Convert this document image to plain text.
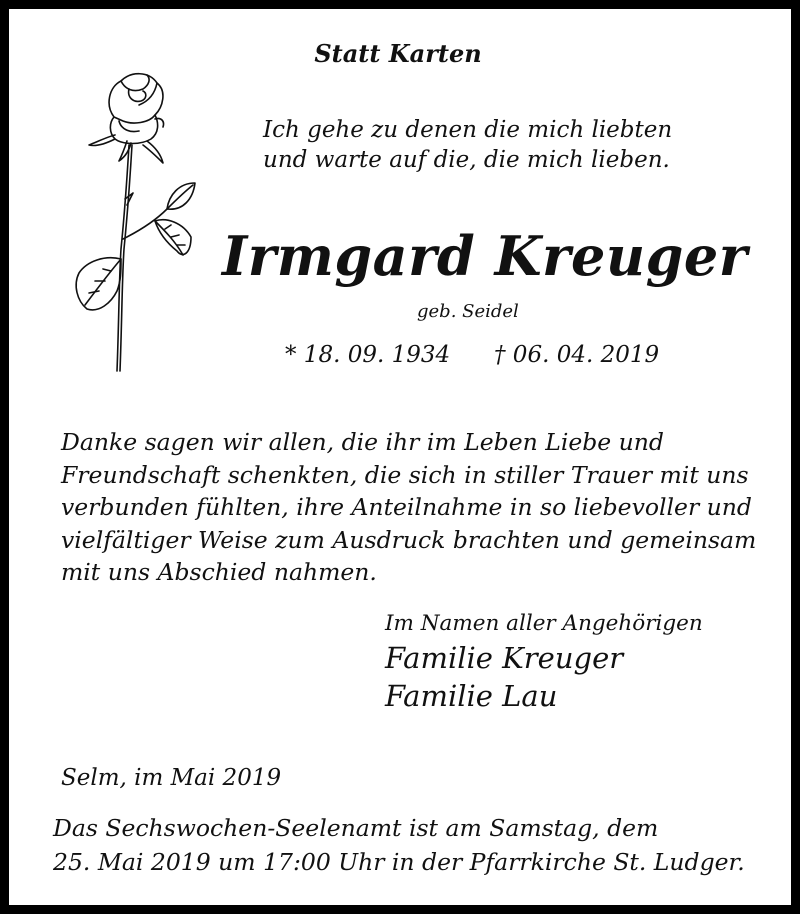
Statt Karten
Ich gehe zu denen die mich liebten
und warte auf die, die mich lieben.
Irmgard Kreuger
geb. Seidel
* 18. 09. 1934 † 06. 04. 2019
Danke sagen wir allen, die ihr im Leben Liebe und
Freundschaft schenkten, die sich in stiller Trauer mit uns
verbunden fühlten, ihre Anteilnahme in so liebevoller und
vielfältiger Weise zum Ausdruck brachten und gemeinsam
mit uns Abschied nahmen.
Im Namen aller Angehörigen
Familie Kreuger
Familie Lau
Selm, im Mai 2019
Das Sechswochen-Seelenamt ist am Samstag, dem
25. Mai 2019 um 17:00 Uhr in der Pfarrkirche St. Ludger.
